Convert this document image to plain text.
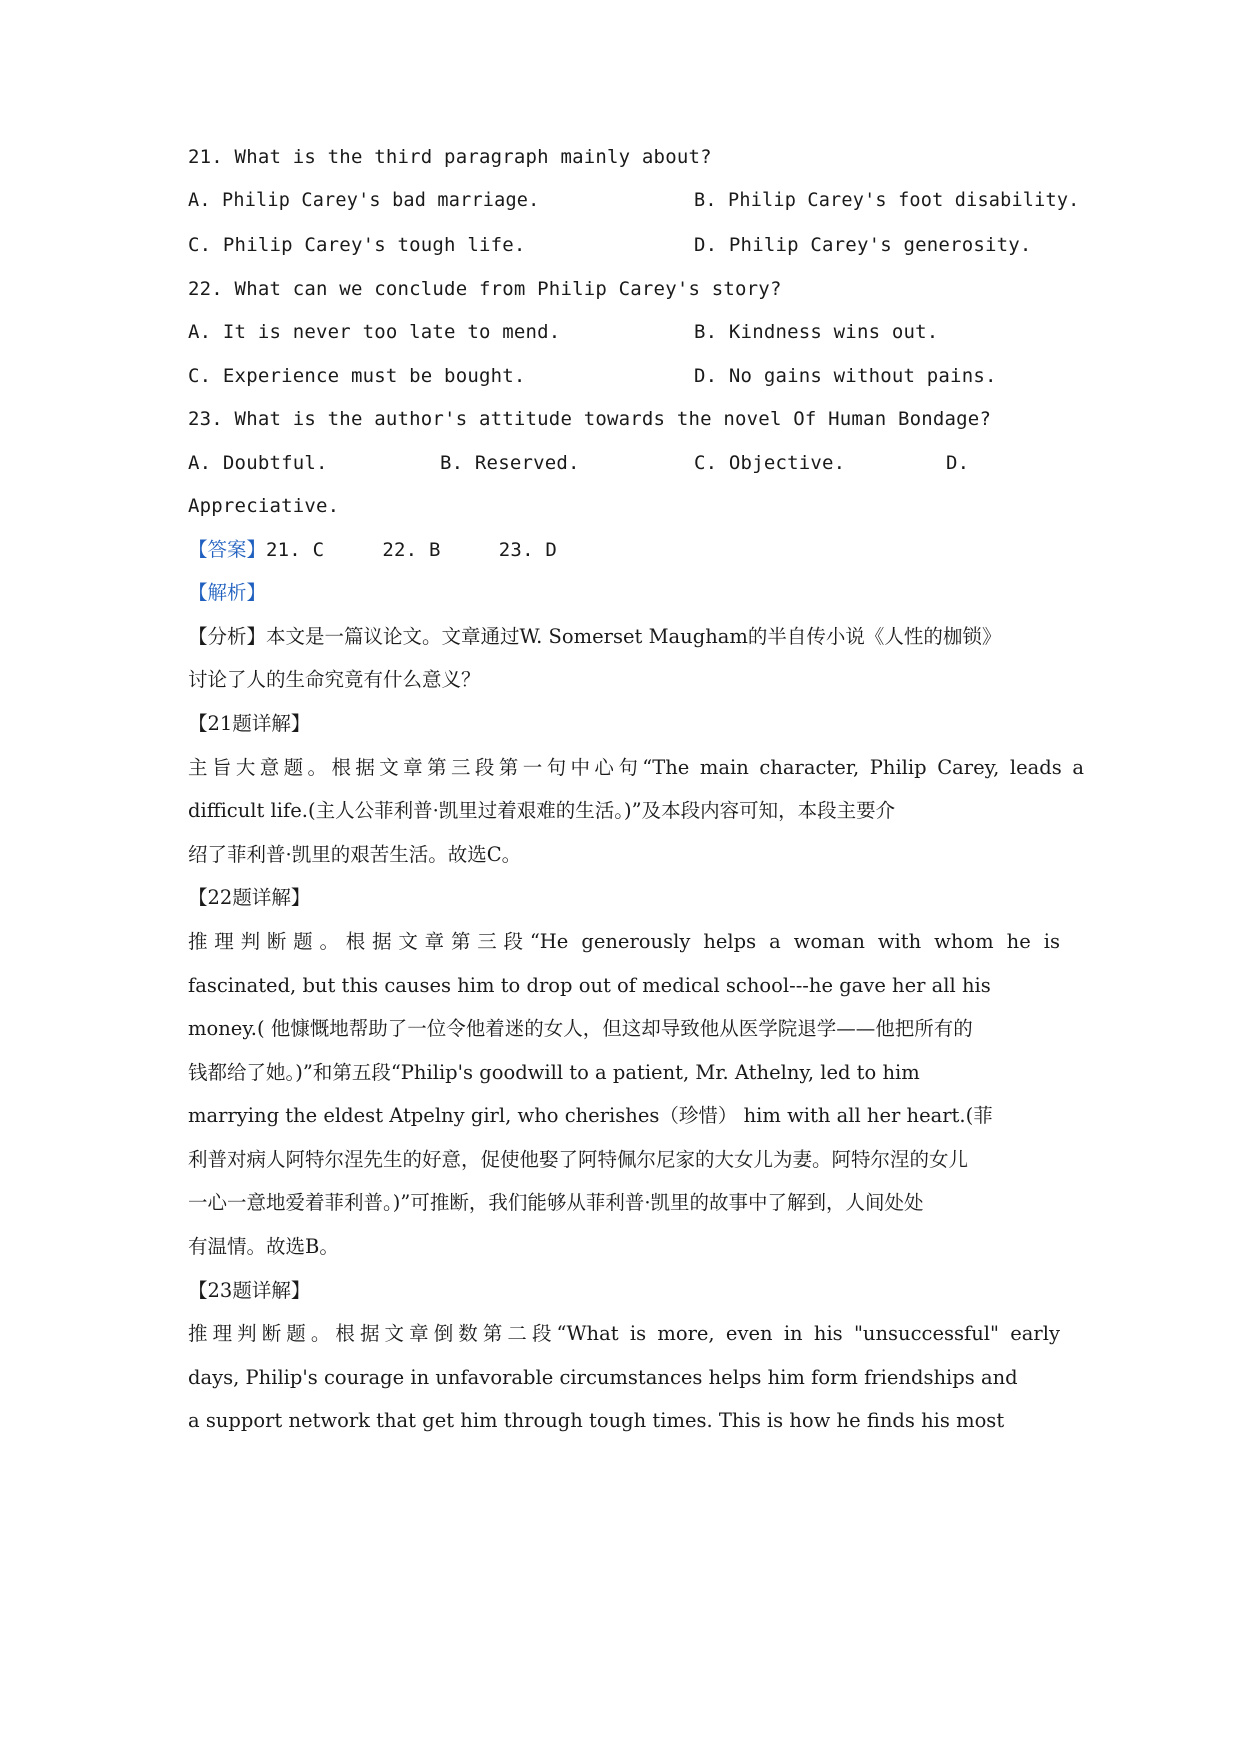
21. What is the third paragraph mainly about?
A. Philip Carey's bad marriage.	B. Philip Carey's foot disability.
C. Philip Carey's tough life.	D. Philip Carey's generosity.
22. What can we conclude from Philip Carey's story?
A. It is never too late to mend.	B. Kindness wins out.
C. Experience must be bought.	D. No gains without pains.
23. What is the author's attitude towards the novel Of Human Bondage?
A. Doubtful.	B. Reserved.	C. Objective.	D.
Appreciative.
【答案】21. C     22. B     23. D
【解析】
【分析】本文是一篇议论文。文章通过W. Somerset Maugham的半自传小说《人性的枷锁》
讨论了人的生命究竟有什么意义？
【21题详解】
主旨大意题。根据文章第三段第一句中心句“The main character, Philip Carey, leads a
difficult life.(主人公菲利普·凯里过着艰难的生活。)”及本段内容可知，本段主要介
绍了菲利普·凯里的艰苦生活。故选C。
【22题详解】
推理判断题。根据文章第三段“He generously helps a woman with whom he is
fascinated, but this causes him to drop out of medical school---he gave her all his
money.( 他慷慨地帮助了一位令他着迷的女人，但这却导致他从医学院退学——他把所有的
钱都给了她。)”和第五段“Philip's goodwill to a patient, Mr. Athelny, led to him
marrying the eldest Atpelny girl, who cherishes（珍惜） him with all her heart.(菲
利普对病人阿特尔涅先生的好意，促使他娶了阿特佩尔尼家的大女儿为妻。阿特尔涅的女儿
一心一意地爱着菲利普。)”可推断，我们能够从菲利普·凯里的故事中了解到，人间处处
有温情。故选B。
【23题详解】
推理判断题。根据文章倒数第二段“What is more, even in his "unsuccessful" early
days, Philip's courage in unfavorable circumstances helps him form friendships and
a support network that get him through tough times. This is how he finds his most
